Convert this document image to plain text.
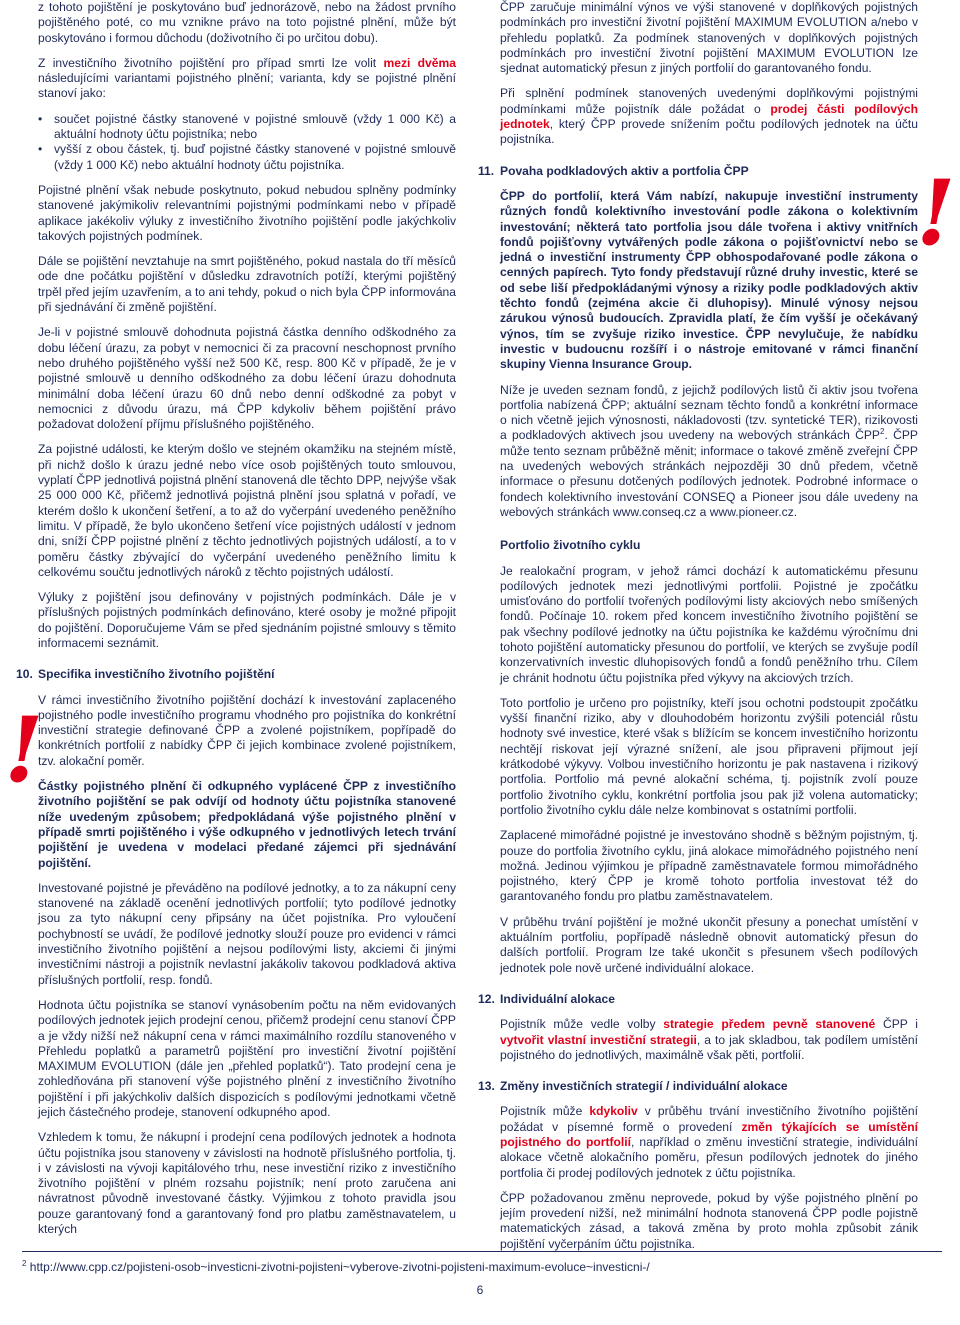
z tohoto pojištění je poskytováno buď jednorázově, nebo na žádost prvního pojištěného poté, co mu vznikne právo na toto pojistné plnění, může být poskytováno i formou důchodu (doživotního či po určitou dobu).

Z investičního životního pojištění pro případ smrti lze volit mezi dvěma následujícími variantami pojistného plnění; varianta, kdy se pojistné plnění stanoví jako:

• součet pojistné částky stanovené v pojistné smlouvě (vždy 1 000 Kč) a aktuální hodnoty účtu pojistníka; nebo
• vyšší z obou částek, tj. buď pojistné částky stanovené v pojistné smlouvě (vždy 1 000 Kč) nebo aktuální hodnoty účtu pojistníka.

Pojistné plnění však nebude poskytnuto, pokud nebudou splněny podmínky stanovené jakýmikoliv relevantními pojistnými podmínkami nebo v případě aplikace jakékoliv výluky z investičního životního pojištění podle jakýchkoliv takových pojistných podmínek.

Dále se pojištění nevztahuje na smrt pojištěného, pokud nastala do tří měsíců ode dne počátku pojištění v důsledku zdravotních potíží, kterými pojištěný trpěl před jejím uzavřením, a to ani tehdy, pokud o nich byla ČPP informována při sjednávání či změně pojištění.

Je-li v pojistné smlouvě dohodnuta pojistná částka denního odškodného za dobu léčení úrazu, za pobyt v nemocnici či za pracovní neschopnost prvního nebo druhého pojištěného vyšší než 500 Kč, resp. 800 Kč v případě, že je v pojistné smlouvě u denního odškodného za dobu léčení úrazu dohodnuta minimální doba léčení úrazu 60 dnů nebo denní odškodné za pobyt v nemocnici z důvodu úrazu, má ČPP kdykoliv během pojištění právo požadovat doložení příjmu příslušného pojištěného.

Za pojistné události, ke kterým došlo ve stejném okamžiku na stejném místě, při nichž došlo k úrazu jedné nebo více osob pojištěných touto smlouvou, vyplatí ČPP jednotlivá pojistná plnění stanovená dle těchto DPP, nejvýše však 25 000 000 Kč, přičemž jednotlivá pojistná plnění jsou splatná v pořadí, ve kterém došlo k ukončení šetření, a to až do vyčerpání uvedeného peněžního limitu. V případě, že bylo ukončeno šetření více pojistných událostí v jednom dni, sníží ČPP pojistné plnění z těchto jednotlivých pojistných událostí, a to v poměru částky zbývající do vyčerpání uvedeného peněžního limitu k celkovému součtu jednotlivých nároků z těchto pojistných událostí.

Výluky z pojištění jsou definovány v pojistných podmínkách. Dále je v příslušných pojistných podmínkách definováno, které osoby je možné připojit do pojištění. Doporučujeme Vám se před sjednáním pojistné smlouvy s těmito informacemi seznámit.

10. Specifika investičního životního pojištění

V rámci investičního životního pojištění dochází k investování zaplaceného pojistného podle investičního programu vhodného pro pojistníka do konkrétní investiční strategie definované ČPP a zvolené pojistníkem, popřípadě do konkrétních portfolií z nabídky ČPP či jejich kombinace zvolené pojistníkem, tzv. alokační poměr.

Částky pojistného plnění či odkupného vyplácené ČPP z investičního životního pojištění se pak odvíjí od hodnoty účtu pojistníka stanovené níže uvedeným způsobem; předpokládaná výše pojistného plnění v případě smrti pojištěného i výše odkupného v jednotlivých letech trvání pojištění je uvedena v modelaci předané zájemci při sjednávání pojištění.

Investované pojistné je převáděno na podílové jednotky, a to za nákupní ceny stanovené na základě ocenění jednotlivých portfolií; tyto podílové jednotky jsou za tyto nákupní ceny připsány na účet pojistníka. Pro vyloučení pochybností se uvádí, že podílové jednotky slouží pouze pro evidenci v rámci investičního životního pojištění a nejsou podílovými listy, akciemi či jinými investičními nástroji a pojistník nevlastní jakákoliv takovou podkladová aktiva příslušných portfolií, resp. fondů.

Hodnota účtu pojistníka se stanoví vynásobením počtu na něm evidovaných podílových jednotek jejich prodejní cenou, přičemž prodejní cenu stanoví ČPP a je vždy nižší než nákupní cena v rámci maximálního rozdílu stanoveného v Přehledu poplatků a parametrů pojištění pro investiční životní pojištění MAXIMUM EVOLUTION (dále jen „přehled poplatků“). Tato prodejní cena je zohledňována při stanovení výše pojistného plnění z investičního životního pojištění i při jakýchkoliv dalších dispozicích s podílovými jednotkami včetně jejich částečného prodeje, stanovení odkupného apod.

Vzhledem k tomu, že nákupní i prodejní cena podílových jednotek a hodnota účtu pojistníka jsou stanoveny v závislosti na hodnotě příslušného portfolia, tj. i v závislosti na vývoji kapitálového trhu, nese investiční riziko z investičního životního pojištění v plném rozsahu pojistník; není proto zaručena ani návratnost původně investované částky. Výjimkou z tohoto pravidla jsou pouze garantovaný fond a garantovaný fond pro platbu zaměstnavatelem, u kterých

ČPP zaručuje minimální výnos ve výši stanovené v doplňkových pojistných podmínkách pro investiční životní pojištění MAXIMUM EVOLUTION a/nebo v přehledu poplatků. Za podmínek stanovených v doplňkových pojistných podmínkách pro investiční životní pojištění MAXIMUM EVOLUTION lze sjednat automatický přesun z jiných portfolií do garantovaného fondu.

Při splnění podmínek stanovených uvedenými doplňkovými pojistnými podmínkami může pojistník dále požádat o prodej části podílových jednotek, který ČPP provede snížením počtu podílových jednotek na účtu pojistníka.

11. Povaha podkladových aktiv a portfolia ČPP

ČPP do portfolií, která Vám nabízí, nakupuje investiční instrumenty různých fondů kolektivního investování podle zákona o kolektivním investování; některá tato portfolia jsou dále tvořena i aktivy vnitřních fondů pojišťovny vytvářených podle zákona o pojišťovnictví nebo se jedná o investiční instrumenty ČPP obhospodařované podle zákona o cenných papírech. Tyto fondy představují různé druhy investic, které se od sebe liší předpokládanými výnosy a riziky podle podkladových aktiv těchto fondů (zejména akcie či dluhopisy). Minulé výnosy nejsou zárukou výnosů budoucích. Zpravidla platí, že čím vyšší je očekávaný výnos, tím se zvyšuje riziko investice. ČPP nevylučuje, že nabídku investic v budoucnu rozšíří i o nástroje emitované v rámci finanční skupiny Vienna Insurance Group.

Níže je uveden seznam fondů, z jejichž podílových listů či aktiv jsou tvořena portfolia nabízená ČPP; aktuální seznam těchto fondů a konkrétní informace o nich včetně jejich výnosnosti, nákladovosti (tzv. syntetické TER), rizikovosti a podkladových aktivech jsou uvedeny na webových stránkách ČPP$^2$. ČPP může tento seznam průběžně měnit; informace o takové změně zveřejní ČPP na uvedených webových stránkách nejpozději 30 dnů předem, včetně informace o přesunu dotčených podílových jednotek. Podrobné informace o fondech kolektivního investování CONSEQ a Pioneer jsou dále uvedeny na webových stránkách www.conseq.cz a www.pioneer.cz.

Portfolio životního cyklu

Je realokační program, v jehož rámci dochází k automatickému přesunu podílových jednotek mezi jednotlivými portfolii. Pojistné je zpočátku umisťováno do portfolií tvořených podílovými listy akciových nebo smíšených fondů. Počínaje 10. rokem před koncem investičního životního pojištění se pak všechny podílové jednotky na účtu pojistníka ke každému výročnímu dni tohoto pojištění automaticky přesunou do portfolií, ve kterých se zvyšuje podíl konzervativních investic dluhopisových fondů a fondů peněžního trhu. Cílem je chránit hodnotu účtu pojistníka před výkyvy na akciových trzích.

Toto portfolio je určeno pro pojistníky, kteří jsou ochotni podstoupit zpočátku vyšší finanční riziko, aby v dlouhodobém horizontu zvýšili potenciál růstu hodnoty své investice, které však s blížícím se koncem investičního horizontu nechtějí riskovat její výrazné snížení, ale jsou připraveni přijmout její krátkodobé výkyvy. Volbou investičního horizontu je pak nastavena i rizikový portfolia. Portfolio má pevné alokační schéma, tj. pojistník zvolí pouze portfolio životního cyklu, konkrétní portfolia jsou pak již volena automaticky; portfolio životního cyklu dále nelze kombinovat s ostatními portfolii.

Zaplacené mimořádné pojistné je investováno shodně s běžným pojistným, tj. pouze do portfolia životního cyklu, jiná alokace mimořádného pojistného není možná. Jedinou výjimkou je případně zaměstnavatele formou mimořádného pojistného, který ČPP je kromě tohoto portfolia investovat též do garantovaného fondu pro platbu zaměstnavatelem.

V průběhu trvání pojištění je možné ukončit přesuny a ponechat umístění v aktuálním portfoliu, popřípadě následně obnovit automatický přesun do dalších portfolií. Program lze také ukončit s přesunem všech podílových jednotek pole nově určené individuální alokace.

12. Individuální alokace

Pojistník může vedle volby strategie předem pevně stanovené ČPP i vytvořit vlastní investiční strategii, a to jak skladbou, tak podílem umístění pojistného do jednotlivých, maximálně však pěti, portfolií.

13. Změny investičních strategií / individuální alokace

Pojistník může kdykoliv v průběhu trvání investičního životního pojištění požádat v písemné formě o provedení změn týkajících se umístění pojistného do portfolií, například o změnu investiční strategie, individuální alokace včetně alokačního poměru, přesun podílových jednotek do jiného portfolia či prodej podílových jednotek z účtu pojistníka.

ČPP požadovanou změnu neprovede, pokud by výše pojistného plnění po jejím provedení nižší, než minimální hodnota stanovená ČPP podle pojistně matematických zásad, a taková změna by proto mohla způsobit zánik pojištění vyčerpáním účtu pojistníka.

!
!
$^2$ http://www.cpp.cz/pojisteni-osob~investicni-zivotni-pojisteni~vyberove-zivotni-pojisteni-maximum-evoluce~investicni-/
6
